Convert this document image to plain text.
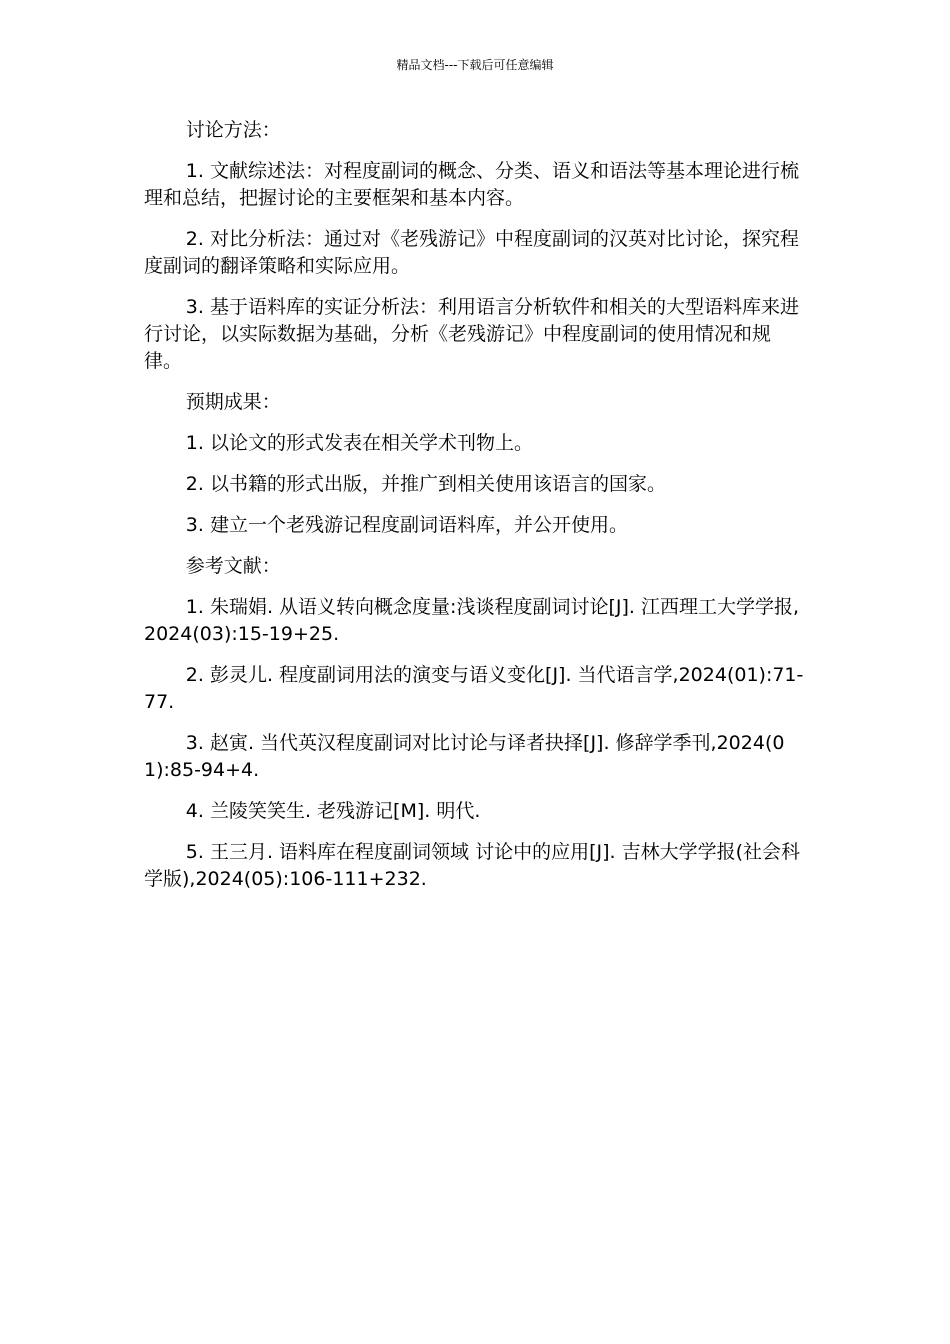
精品文档---下载后可任意编辑

讨论方法：

1. 文献综述法：对程度副词的概念、分类、语义和语法等基本理论进行梳理和总结，把握讨论的主要框架和基本内容。

2. 对比分析法：通过对《老残游记》中程度副词的汉英对比讨论，探究程度副词的翻译策略和实际应用。

3. 基于语料库的实证分析法：利用语言分析软件和相关的大型语料库来进行讨论，以实际数据为基础，分析《老残游记》中程度副词的使用情况和规律。

预期成果：

1. 以论文的形式发表在相关学术刊物上。

2. 以书籍的形式出版，并推广到相关使用该语言的国家。

3. 建立一个老残游记程度副词语料库，并公开使用。

参考文献：

1. 朱瑞娟. 从语义转向概念度量:浅谈程度副词讨论[J]. 江西理工大学学报,2024(03):15-19+25.

2. 彭灵儿. 程度副词用法的演变与语义变化[J]. 当代语言学,2024(01):71-77.

3. 赵寅. 当代英汉程度副词对比讨论与译者抉择[J]. 修辞学季刊,2024(01):85-94+4.

4. 兰陵笑笑生. 老残游记[M]. 明代.

5. 王三月. 语料库在程度副词领域 讨论中的应用[J]. 吉林大学学报(社会科学版),2024(05):106-111+232.
